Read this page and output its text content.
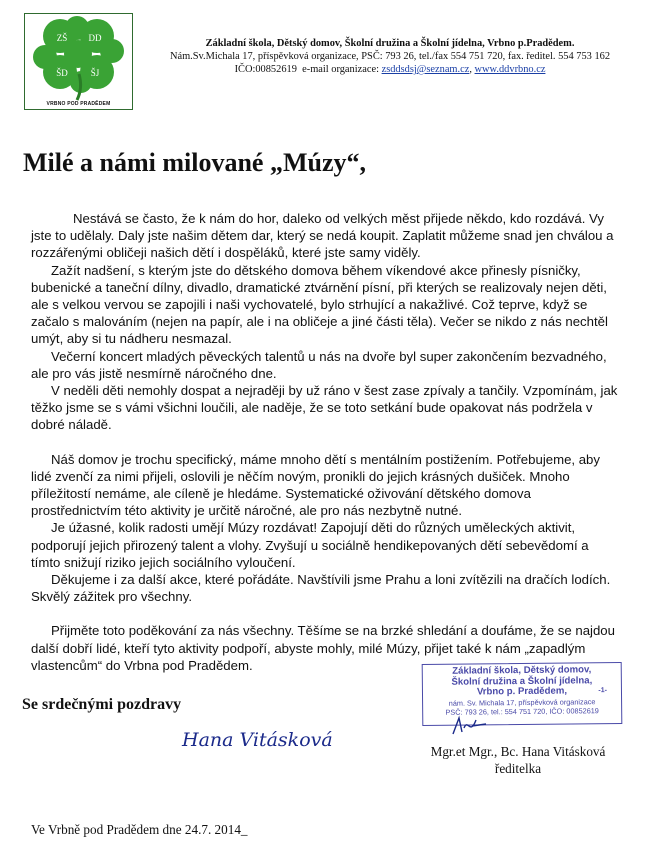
ZŠ DD
ŠD	ŠJ
VRBNO POD PRADĚDEM
Základní škola, Dětský domov, Školní družina a Školní jídelna, Vrbno p.Pradědem.
Nám.Sv.Michala 17, příspěvková organizace, PSČ: 793 26, tel./fax 554 751 720, fax. ředitel. 554 753 162
IČO:00852619 e-mail organizace: zsddsdsj@seznam.cz, www.ddvrbno.cz
Milé a námi milované „Múzy“,

Nestává se často, že k nám do hor, daleko od velkých měst přijede někdo, kdo rozdává. Vy jste to udělaly. Daly jste našim dětem dar, který se nedá koupit. Zaplatit můžeme snad jen chválou a rozzářenými obličeji našich dětí i dospěláků, které jste samy viděly.

Zažít nadšení, s kterým jste do dětského domova během víkendové akce přinesly písničky, bubenické a taneční dílny, divadlo, dramatické ztvárnění písní, při kterých se realizovaly nejen děti, ale s velkou vervou se zapojili i naši vychovatelé, bylo strhující a nakažlivé. Což teprve, když se začalo s malováním (nejen na papír, ale i na obličeje a jiné části těla). Večer se nikdo z nás nechtěl umýt, aby si tu nádheru nesmazal.

Večerní koncert mladých pěveckých talentů u nás na dvoře byl super zakončením bezvadného, ale pro vás jistě nesmírně náročného dne.

V neděli děti nemohly dospat a nejraději by už ráno v šest zase zpívaly a tančily. Vzpomínám, jak těžko jsme se s vámi všichni loučili, ale naděje, že se toto setkání bude opakovat nás podrželа v dobré náladě.

Náš domov je trochu specifický, máme mnoho dětí s mentálním postižením. Potřebujeme, aby lidé zvenčí za nimi přijeli, oslovili je něčím novým, pronikli do jejich krásných dušiček. Mnoho příležitostí nemáme, ale cíleně je hledáme. Systematické oživování dětského domova prostřednictvím této aktivity je určitě náročné, ale pro nás nezbytně nutné.

Je úžasné, kolik radosti umějí Múzy rozdávat! Zapojují děti do různých uměleckých aktivit, podporují jejich přirozený talent a vlohy. Zvyšují u sociálně hendikepovaných dětí sebevědomí a tímto snižují riziko jejich sociálního vyloučení.

Děkujeme i za další akce, které pořádáte. Navštívili jsme Prahu a loni zvítězili na dračích lodích. Skvělý zážitek pro všechny.

Přijměte toto poděkování za nás všechny. Těšíme se na brzké shledání a doufáme, že se najdou další dobří lidé, kteří tyto aktivity podpoří, abyste mohly, milé Múzy, přijet také k nám „zapadlým vlastencům“ do Vrbna pod Pradědem.

Se srdečnými pozdravy
Hana Vitásková
Základní škola, Dětský domov,
Školní družina a Školní jídelna,
Vrbno p. Pradědem,	-1-
nám. Sv. Michala 17, příspěvková organizace
PSČ: 793 26, tel.: 554 751 720, IČO: 00852619
Mgr.et Mgr., Bc. Hana Vitásková
ředitelka
Ve Vrbně pod Pradědem dne 24.7. 2014_
